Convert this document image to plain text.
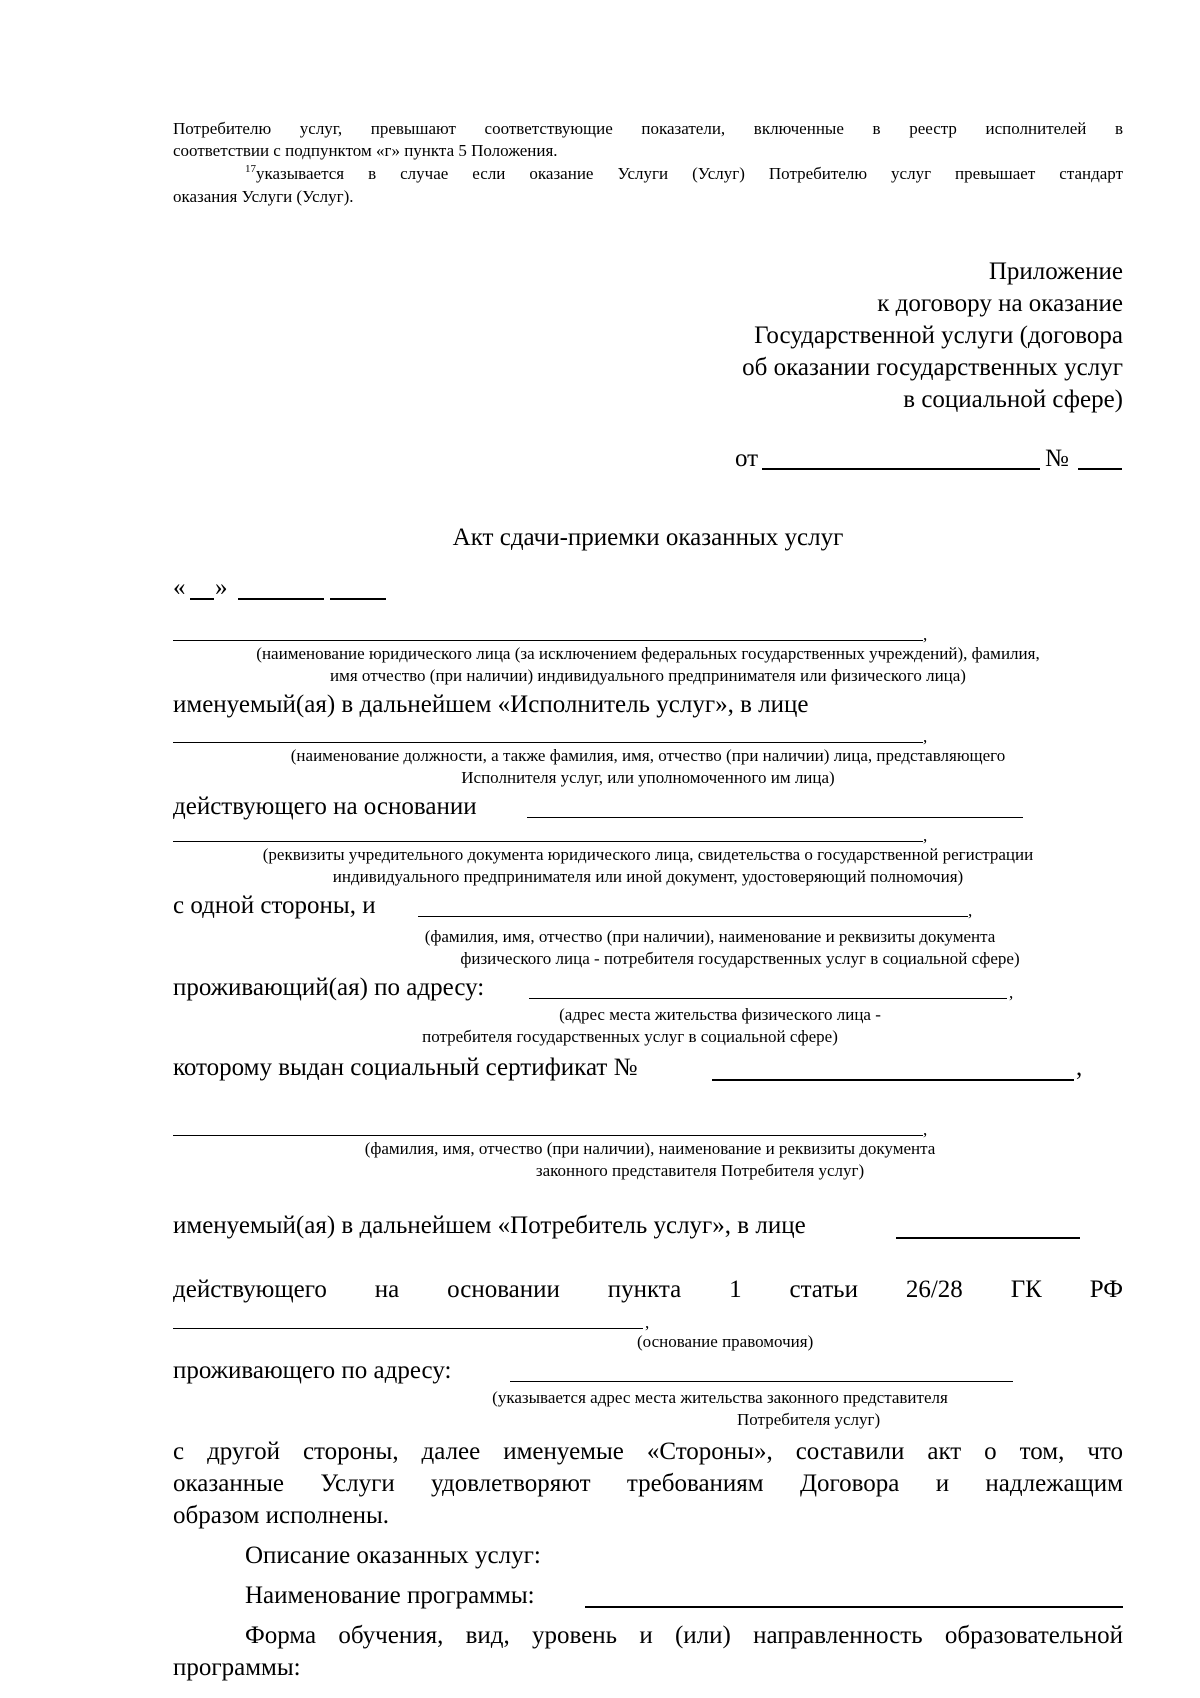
Потребителю услуг, превышают соответствующие показатели, включенные в реестр исполнителей в
соответствии с подпунктом «г» пункта 5 Положения.
$^{17}$указывается в случае если оказание Услуги (Услуг) Потребителю услуг превышает стандарт
оказания Услуги (Услуг).
Приложение
к договору на оказание
Государственной услуги (договора
об оказании государственных услуг
в социальной сфере)
от	№
Акт сдачи-приемки оказанных услуг
« »
,
(наименование юридического лица (за исключением федеральных государственных учреждений), фамилия,
имя отчество (при наличии) индивидуального предпринимателя или физического лица)
именуемый(ая) в дальнейшем «Исполнитель услуг», в лице
,
(наименование должности, а также фамилия, имя, отчество (при наличии) лица, представляющего
Исполнителя услуг, или уполномоченного им лица)
действующего на основании
,
(реквизиты учредительного документа юридического лица, свидетельства о государственной регистрации
индивидуального предпринимателя или иной документ, удостоверяющий полномочия)
с одной стороны, и	,
(фамилия, имя, отчество (при наличии), наименование и реквизиты документа
физического лица - потребителя государственных услуг в социальной сфере)
проживающий(ая) по адресу:	,
(адрес места жительства физического лица -
потребителя государственных услуг в социальной сфере)
которому выдан социальный сертификат №	,
,
(фамилия, имя, отчество (при наличии), наименование и реквизиты документа
законного представителя Потребителя услуг)
именуемый(ая) в дальнейшем «Потребитель услуг», в лице
действующего на основании пункта 1 статьи 26/28 ГК РФ
,
(основание правомочия)
проживающего по адресу:
(указывается адрес места жительства законного представителя
Потребителя услуг)
с другой стороны, далее именуемые «Стороны», составили акт о том, что
оказанные Услуги удовлетворяют требованиям Договора и надлежащим
образом исполнены.
Описание оказанных услуг:
Наименование программы:
Форма обучения, вид, уровень и (или) направленность образовательной
программы:
